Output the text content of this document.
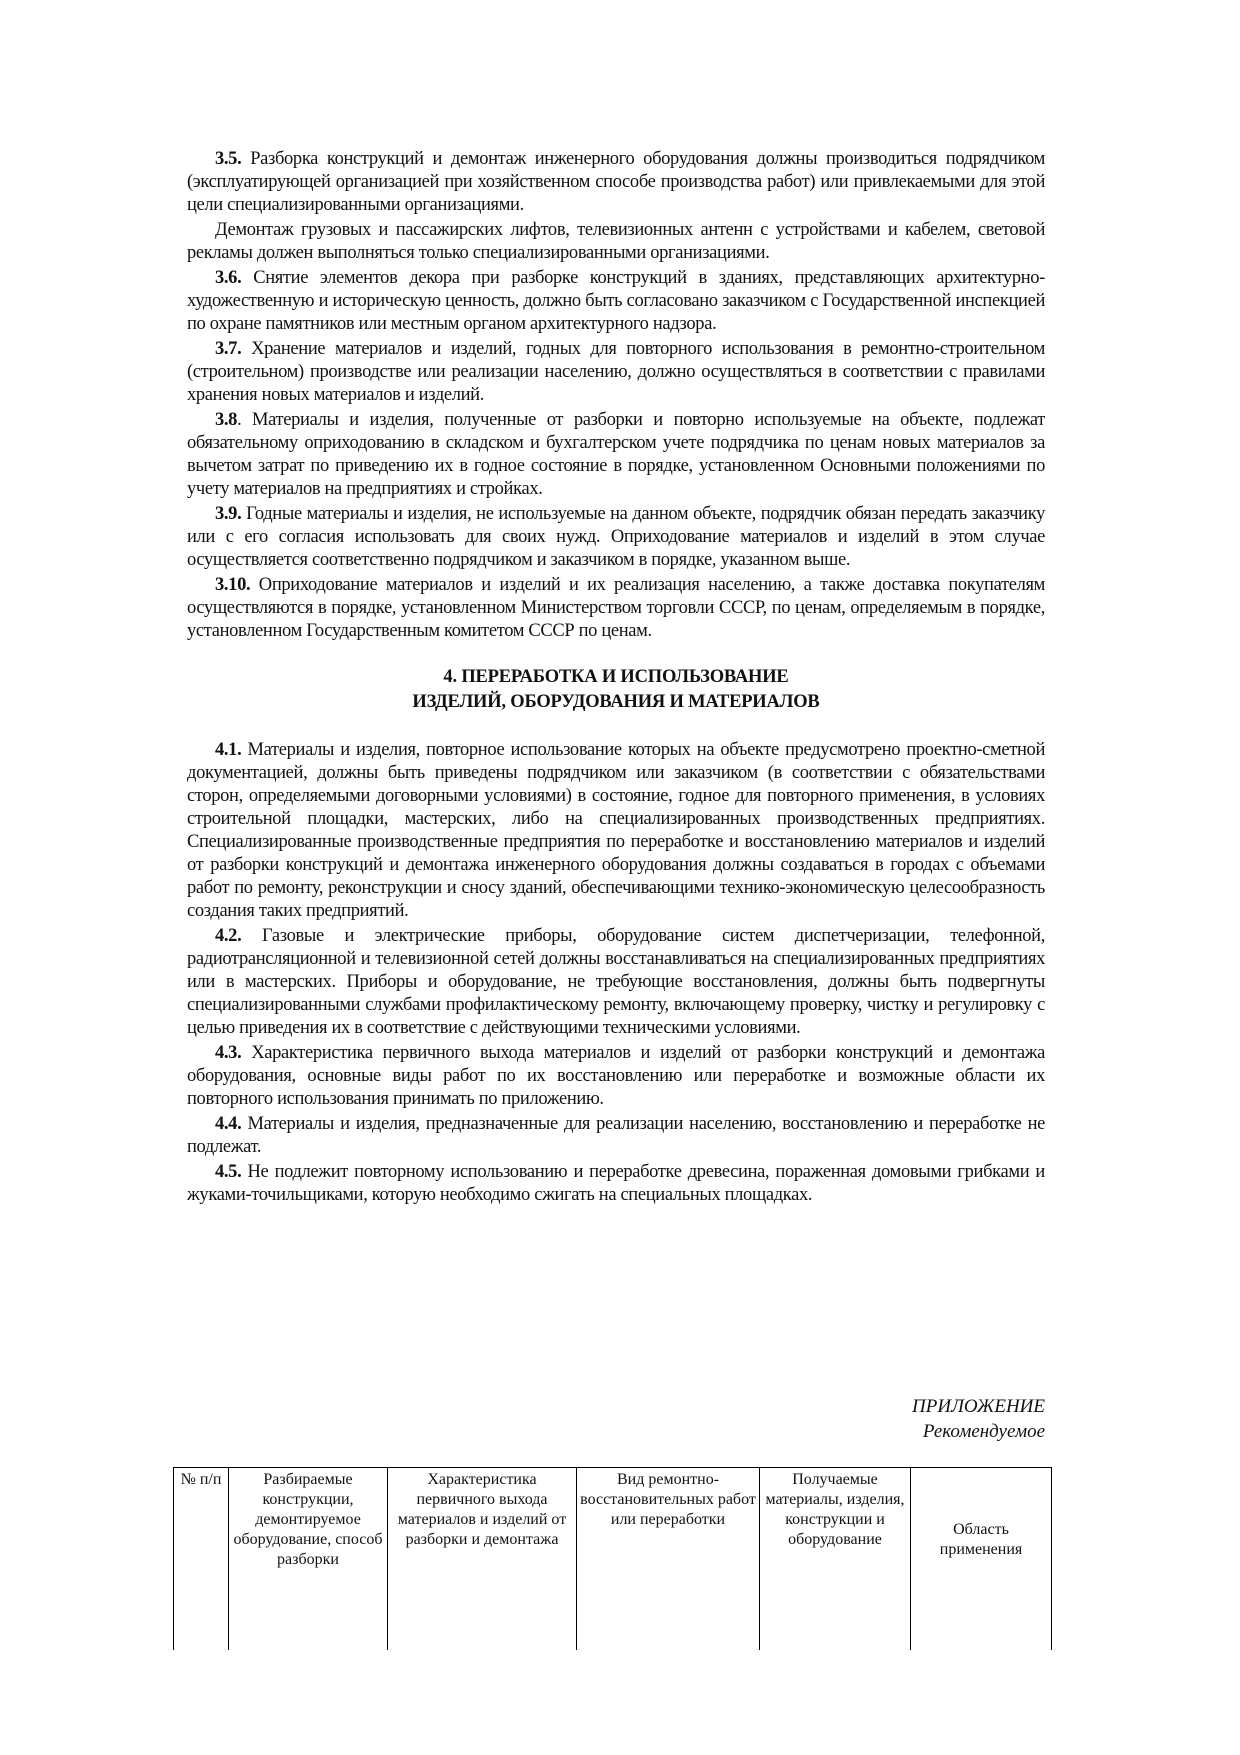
3.5. Разборка конструкций и демонтаж инженерного оборудования должны производиться подрядчиком (эксплуатирующей организацией при хозяйственном способе производства работ) или привлекаемыми для этой цели специализированными организациями.

Демонтаж грузовых и пассажирских лифтов, телевизионных антенн с устройствами и кабелем, световой рекламы должен выполняться только специализированными организациями.

3.6. Снятие элементов декора при разборке конструкций в зданиях, представляющих архитектурно-художественную и историческую ценность, должно быть согласовано заказчиком с Государственной инспекцией по охране памятников или местным органом архитектурного надзора.

3.7. Хранение материалов и изделий, годных для повторного использования в ремонтно-строительном (строительном) производстве или реализации населению, должно осуществляться в соответствии с правилами хранения новых материалов и изделий.

3.8. Материалы и изделия, полученные от разборки и повторно используемые на объекте, подлежат обязательному оприходованию в складском и бухгалтерском учете подрядчика по ценам новых материалов за вычетом затрат по приведению их в годное состояние в порядке, установленном Основными положениями по учету материалов на предприятиях и стройках.

3.9. Годные материалы и изделия, не используемые на данном объекте, подрядчик обязан передать заказчику или с его согласия использовать для своих нужд. Оприходование материалов и изделий в этом случае осуществляется соответственно подрядчиком и заказчиком в порядке, указанном выше.

3.10. Оприходование материалов и изделий и их реализация населению, а также доставка покупателям осуществляются в порядке, установленном Министерством торговли СССР, по ценам, определяемым в порядке, установленном Государственным комитетом СССР по ценам.

4. ПЕРЕРАБОТКА И ИСПОЛЬЗОВАНИЕ
ИЗДЕЛИЙ, ОБОРУДОВАНИЯ И МАТЕРИАЛОВ

4.1. Материалы и изделия, повторное использование которых на объекте предусмотрено проектно-сметной документацией, должны быть приведены подрядчиком или заказчиком (в соответствии с обязательствами сторон, определяемыми договорными условиями) в состояние, годное для повторного применения, в условиях строительной площадки, мастерских, либо на специализированных производственных предприятиях. Специализированные производственные предприятия по переработке и восстановлению материалов и изделий от разборки конструкций и демонтажа инженерного оборудования должны создаваться в городах с объемами работ по ремонту, реконструкции и сносу зданий, обеспечивающими технико-экономическую целесообразность создания таких предприятий.

4.2. Газовые и электрические приборы, оборудование систем диспетчеризации, телефонной, радиотрансляционной и телевизионной сетей должны восстанавливаться на специализированных предприятиях или в мастерских. Приборы и оборудование, не требующие восстановления, должны быть подвергнуты специализированными службами профилактическому ремонту, включающему проверку, чистку и регулировку с целью приведения их в соответствие с действующими техническими условиями.

4.3. Характеристика первичного выхода материалов и изделий от разборки конструкций и демонтажа оборудования, основные виды работ по их восстановлению или переработке и возможные области их повторного использования принимать по приложению.

4.4. Материалы и изделия, предназначенные для реализации населению, восстановлению и переработке не подлежат.

4.5. Не подлежит повторному использованию и переработке древесина, пораженная домовыми грибками и жуками-точильщиками, которую необходимо сжигать на специальных площадках.

ПРИЛОЖЕНИЕ
Рекомендуемое
№ п/п	Разбираемые конструкции, демонтируемое оборудование, способ разборки	Характеристика первичного выхода материалов и изделий от разборки и демонтажа	Вид ремонтно-восстановительных работ или переработки	Получаемые материалы, изделия, конструкции и оборудование	Область применения
